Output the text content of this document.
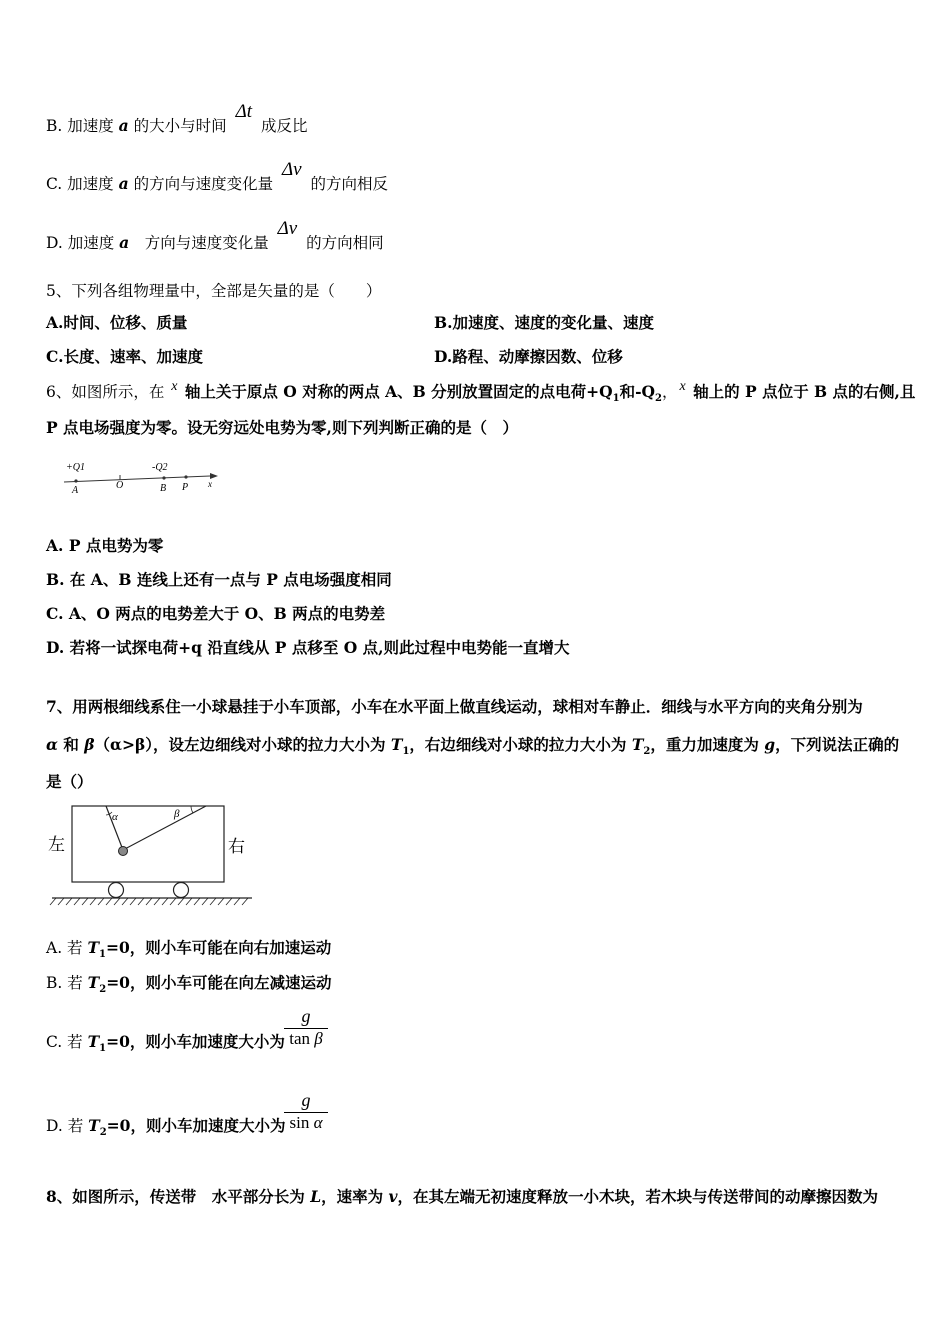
B. 加速度 a 的大小与时间 Δt 成反比
C. 加速度 a 的方向与速度变化量 Δv 的方向相反
D. 加速度 a　方向与速度变化量 Δv 的方向相同
5、下列各组物理量中，全部是矢量的是（　　）
A.时间、位移、质量	B.加速度、速度的变化量、速度
C.长度、速率、加速度	D.路程、动摩擦因数、位移
6、如图所示，在 x 轴上关于原点 O 对称的两点 A、B 分别放置固定的点电荷$+Q_1$和$-Q_2$， x 轴上的 P 点位于 B 点的右侧,且
P 点电场强度为零。设无穷远处电势为零,则下列判断正确的是（　）
+Q1	-Q2
A	O	B P x
A. P 点电势为零
B. 在 A、B 连线上还有一点与 P 点电场强度相同
C. A、O 两点的电势差大于 O、B 两点的电势差
D. 若将一试探电荷+q 沿直线从 P 点移至 O 点,则此过程中电势能一直增大
7、用两根细线系住一小球悬挂于小车顶部，小车在水平面上做直线运动，球相对车静止．细线与水平方向的夹角分别为
α 和 β（α>β），设左边细线对小球的拉力大小为 $T_1$，右边细线对小球的拉力大小为 $T_2$，重力加速度为 g，下列说法正确的
是（）
α	β
左	右
A. 若 $T_1=0$，则小车可能在向右加速运动
B. 若 $T_2=0$，则小车可能在向左减速运动
C. 若 $T_1=0$，则小车加速度大小为
g
tan β
D. 若 $T_2=0$，则小车加速度大小为
g
sin α
8、如图所示，传送带　水平部分长为 L，速率为 v，在其左端无初速度释放一小木块，若木块与传送带间的动摩擦因数为
